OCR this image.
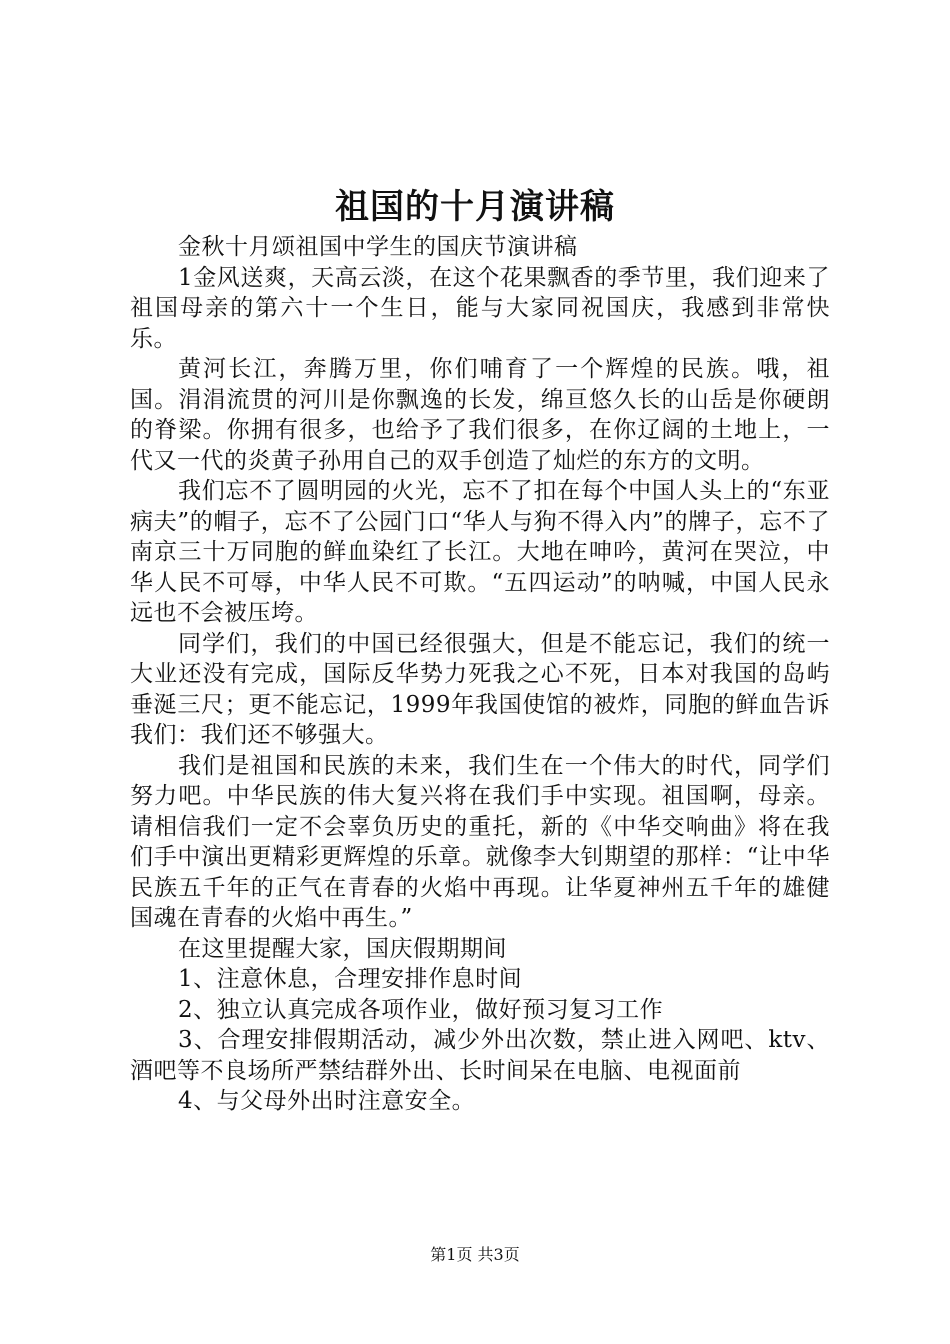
祖国的十月演讲稿

金秋十月颂祖国中学生的国庆节演讲稿

1金风送爽，天高云淡，在这个花果飘香的季节里，我们迎来了祖国母亲的第六十一个生日，能与大家同祝国庆，我感到非常快乐。

黄河长江，奔腾万里，你们哺育了一个辉煌的民族。哦，祖国。涓涓流贯的河川是你飘逸的长发，绵亘悠久长的山岳是你硬朗的脊梁。你拥有很多，也给予了我们很多，在你辽阔的土地上，一代又一代的炎黄子孙用自己的双手创造了灿烂的东方的文明。

我们忘不了圆明园的火光，忘不了扣在每个中国人头上的“东亚病夫”的帽子，忘不了公园门口“华人与狗不得入内”的牌子，忘不了南京三十万同胞的鲜血染红了长江。大地在呻吟，黄河在哭泣，中华人民不可辱，中华人民不可欺。“五四运动”的呐喊，中国人民永远也不会被压垮。

同学们，我们的中国已经很强大，但是不能忘记，我们的统一大业还没有完成，国际反华势力死我之心不死，日本对我国的岛屿垂涎三尺；更不能忘记，1999年我国使馆的被炸，同胞的鲜血告诉我们：我们还不够强大。

我们是祖国和民族的未来，我们生在一个伟大的时代，同学们努力吧。中华民族的伟大复兴将在我们手中实现。祖国啊，母亲。请相信我们一定不会辜负历史的重托，新的《中华交响曲》将在我们手中演出更精彩更辉煌的乐章。就像李大钊期望的那样：“让中华民族五千年的正气在青春的火焰中再现。让华夏神州五千年的雄健国魂在青春的火焰中再生。”

在这里提醒大家，国庆假期期间

1、注意休息，合理安排作息时间

2、独立认真完成各项作业，做好预习复习工作

3、合理安排假期活动，减少外出次数，禁止进入网吧、ktv、酒吧等不良场所严禁结群外出、长时间呆在电脑、电视面前

4、与父母外出时注意安全。

第1页 共3页
